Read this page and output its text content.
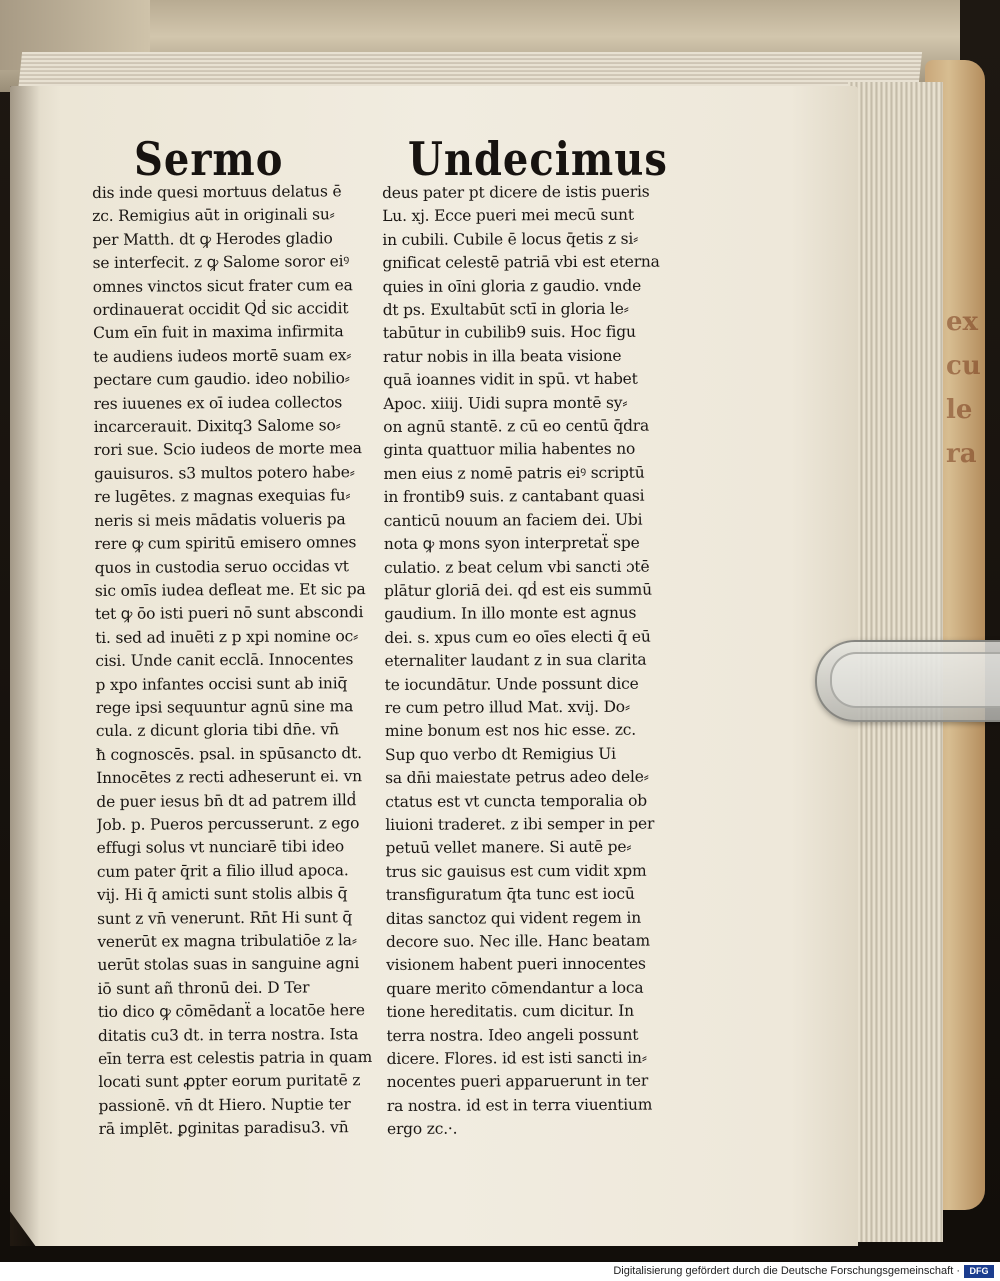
ex
cu
le
ra
Sermo	Undecimus
dis inde quesi mortuus delatus ē
zc. Remigius aūt in originali su⸗
per Matth. dt ꝙ Herodes gladio
se interfecit. z ꝙ Salome soror eiꝰ
omnes vinctos sicut frater cum ea
ordinauerat occidit Qḋ sic accidit
Cum eīn fuit in maxima infirmita
te audiens iudeos mortē suam ex⸗
pectare cum gaudio. ideo nobilio⸗
res iuuenes ex oī iudea collectos
incarcerauit. Dixitq3 Salome so⸗
rori sue. Scio iudeos de morte mea
gauisuros. s3 multos potero habe⸗
re lugētes. z magnas exequias fu⸗
neris si meis mādatis volueris pa
rere ꝙ cum spiritū emisero omnes
quos in custodia seruo occidas vt
sic omīs iudea defleat me. Et sic pa
tet ꝙ ōo isti pueri nō sunt abscondi
ti. sed ad inuēti z p xpi nomine oc⸗
cisi. Unde canit ecclā. Innocentes
p xpo infantes occisi sunt ab iniq̄
rege ipsi sequuntur agnū sine ma
cula. z dicunt gloria tibi dn̄e. vn̄
ħ cognoscēs. psal. in spūsancto dt.
Innocētes z recti adheserunt ei. vn
de puer iesus bn̄ dt ad patrem illḋ
Job. p. Pueros percusserunt. z ego
effugi solus vt nunciarē tibi ideo
cum pater q̄rit a filio illud apoca.
vij. Hi q̄ amicti sunt stolis albis q̄
sunt z vn̄ venerunt. Rn̄t Hi sunt q̄
venerūt ex magna tribulatiōe z la⸗
uerūt stolas suas in sanguine agni
iō sunt añ thronū dei. D Ter
tio dico ꝙ cōmēdanẗ a locatōe here
ditatis cu3 dt. in terra nostra. Ista
eīn terra est celestis patria in quam
locati sunt ꝓpter eorum puritatē z
passionē. vn̄ dt Hiero. Nuptie ter
rā implēt. ꝑginitas paradisu3. vn̄
deus pater pt dicere de istis pueris
Lu. xj. Ecce pueri mei mecū sunt
in cubili. Cubile ē locus q̄etis z si⸗
gnificat celestē patriā vbi est eterna
quies in oīni gloria z gaudio. vnde
dt ps. Exultabūt sctī in gloria le⸗
tabūtur in cubilib9 suis. Hoc figu
ratur nobis in illa beata visione
quā ioannes vidit in spū. vt habet
Apoc. xiiij. Uidi supra montē sy⸗
on agnū stantē. z cū eo centū q̄dra
ginta quattuor milia habentes no
men eius z nomē patris eiꝰ scriptū
in frontib9 suis. z cantabant quasi
canticū nouum an faciem dei. Ubi
nota ꝙ mons syon interpretaẗ spe
culatio. z beat celum vbi sancti ɔtē
plātur gloriā dei. qḋ est eis summū
gaudium. In illo monte est agnus
dei. s. xpus cum eo oīes electi q̄ eū
eternaliter laudant z in sua clarita
te iocundātur. Unde possunt dice
re cum petro illud Mat. xvij. Do⸗
mine bonum est nos hic esse. zc.
Sup quo verbo dt Remigius Ui
sa dn̄i maiestate petrus adeo dele⸗
ctatus est vt cuncta temporalia ob
liuioni traderet. z ibi semper in per
petuū vellet manere. Si autē pe⸗
trus sic gauisus est cum vidit xpm
transfiguratum q̄ta tunc est iocū
ditas sanctoz qui vident regem in
decore suo. Nec ille. Hanc beatam
visionem habent pueri innocentes
quare merito cōmendantur a loca
tione hereditatis. cum dicitur. In
terra nostra. Ideo angeli possunt
dicere. Flores. id est isti sancti in⸗
nocentes pueri apparuerunt in ter
ra nostra. id est in terra viuentium
ergo zc.·.
Digitalisierung gefördert durch die Deutsche Forschungsgemeinschaft ·	DFG
